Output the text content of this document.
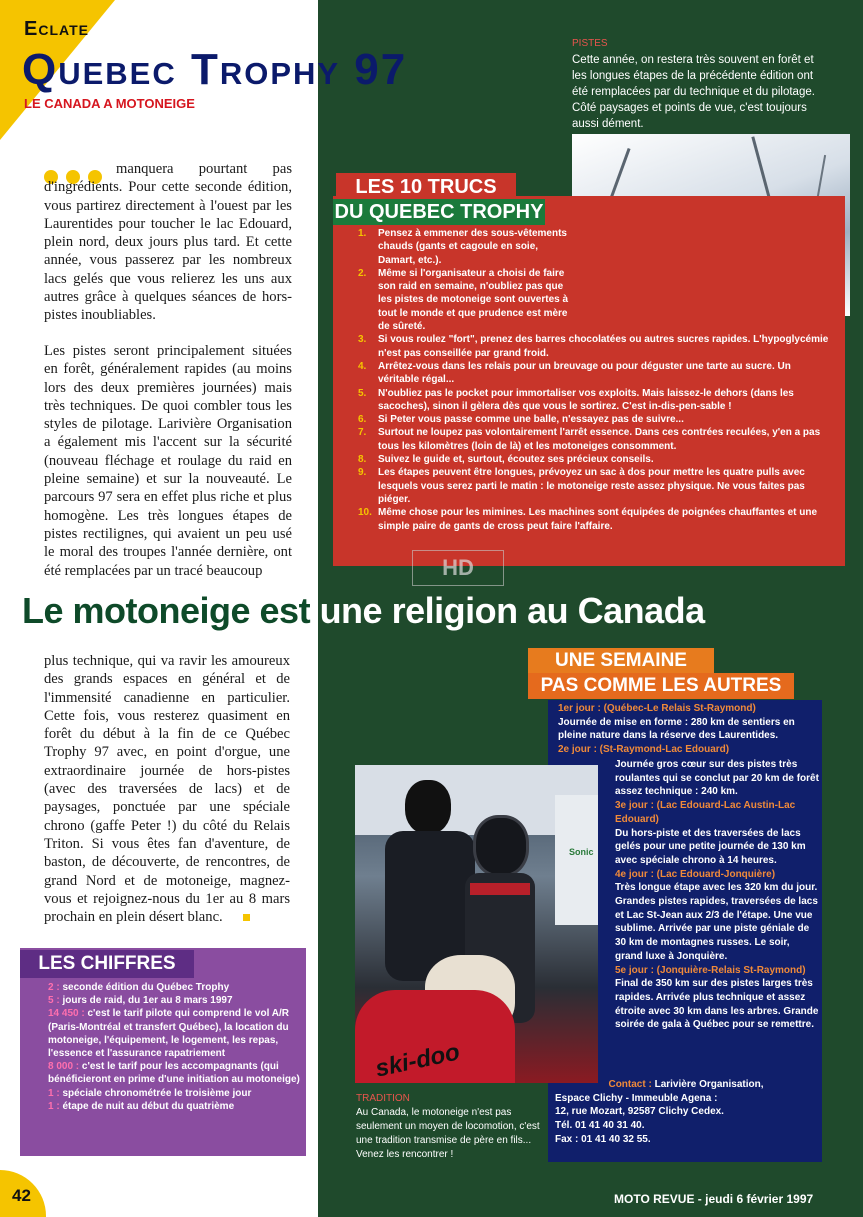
Eclate
Quebec Trophy 97
LE CANADA A MOTONEIGE
manquera pourtant pas d'ingrédients. Pour cette seconde édition, vous partirez directement à l'ouest par les Laurentides pour toucher le lac Edouard, plein nord, deux jours plus tard. Et cette année, vous passerez par les nombreux lacs gelés que vous relierez les uns aux autres grâce à quelques séances de hors-pistes inoubliables.
Les pistes seront principalement situées en forêt, généralement rapides (au moins lors des deux premières journées) mais très techniques. De quoi combler tous les styles de pilotage. Larivière Organisation a également mis l'accent sur la sécurité (nouveau fléchage et roulage du raid en pleine semaine) et sur la nouveauté. Le parcours 97 sera en effet plus riche et plus homogène. Les très longues étapes de pistes rectilignes, qui avaient un peu usé le moral des troupes l'année dernière, ont été remplacées par un tracé beaucoup
PISTES
Cette année, on restera très souvent en forêt et les longues étapes de la précédente édition ont été remplacées par du technique et du pilotage. Côté paysages et points de vue, c'est toujours aussi dément.
LES 10 TRUCS
DU QUEBEC TROPHY
1. Pensez à emmener des sous-vêtements chauds (gants et cagoule en soie, Damart, etc.).
2. Même si l'organisateur a choisi de faire son raid en semaine, n'oubliez pas que les pistes de motoneige sont ouvertes à tout le monde et que prudence est mère de sûreté.
3. Si vous roulez "fort", prenez des barres chocolatées ou autres sucres rapides. L'hypoglycémie n'est pas conseillée par grand froid.
4. Arrêtez-vous dans les relais pour un breuvage ou pour déguster une tarte au sucre. Un véritable régal...
5. N'oubliez pas le pocket pour immortaliser vos exploits. Mais laissez-le dehors (dans les sacoches), sinon il gèlera dès que vous le sortirez. C'est in-dis-pen-sable !
6. Si Peter vous passe comme une balle, n'essayez pas de suivre...
7. Surtout ne loupez pas volontairement l'arrêt essence. Dans ces contrées reculées, y'en a pas tous les kilomètres (loin de là) et les motoneiges consomment.
8. Suivez le guide et, surtout, écoutez ses précieux conseils.
9. Les étapes peuvent être longues, prévoyez un sac à dos pour mettre les quatre pulls avec lesquels vous serez parti le matin : le motoneige reste assez physique. Ne vous faites pas piéger.
10. Même chose pour les mimines. Les machines sont équipées de poignées chauffantes et une simple paire de gants de cross peut faire l'affaire.
HD
Le motoneige est une religion au Canada
plus technique, qui va ravir les amoureux des grands espaces en général et de l'immensité canadienne en particulier. Cette fois, vous resterez quasiment en forêt du début à la fin de ce Québec Trophy 97 avec, en point d'orgue, une extraordinaire journée de hors-pistes (avec des traversées de lacs) et de paysages, ponctuée par une spéciale chrono (gaffe Peter !) du côté du Relais Triton. Si vous êtes fan d'aventure, de baston, de découverte, de rencontres, de grand Nord et de motoneige, magnez-vous et rejoignez-nous du 1er au 8 mars prochain en plein désert blanc.
UNE SEMAINE
PAS COMME LES AUTRES
1er jour : (Québec-Le Relais St-Raymond)
Journée de mise en forme : 280 km de sentiers en pleine nature dans la réserve des Laurentides.
2e jour : (St-Raymond-Lac Edouard)
Journée gros cœur sur des pistes très roulantes qui se conclut par 20 km de forêt assez technique : 240 km.
3e jour : (Lac Edouard-Lac Austin-Lac Edouard)
Du hors-piste et des traversées de lacs gelés pour une petite journée de 130 km avec spéciale chrono à 14 heures.
4e jour : (Lac Edouard-Jonquière)
Très longue étape avec les 320 km du jour. Grandes pistes rapides, traversées de lacs et Lac St-Jean aux 2/3 de l'étape. Une vue sublime. Arrivée par une piste géniale de 30 km de montagnes russes. Le soir, grand luxe à Jonquière.
5e jour : (Jonquière-Relais St-Raymond)
Final de 350 km sur des pistes larges très rapides. Arrivée plus technique et assez étroite avec 30 km dans les arbres. Grande soirée de gala à Québec pour se remettre.
Contact : Larivière Organisation,
Espace Clichy - Immeuble Agena :
12, rue Mozart, 92587 Clichy Cedex.
Tél. 01 41 40 31 40.
Fax : 01 41 40 32 55.
Sonic
ski-doo
TRADITION
Au Canada, le motoneige n'est pas seulement un moyen de locomotion, c'est une tradition transmise de père en fils... Venez les rencontrer !
LES CHIFFRES
2 : seconde édition du Québec Trophy
5 : jours de raid, du 1er au 8 mars 1997
14 450 : c'est le tarif pilote qui comprend le vol A/R (Paris-Montréal et transfert Québec), la location du motoneige, l'équipement, le logement, les repas, l'essence et l'assurance rapatriement
8 000 : c'est le tarif pour les accompagnants (qui bénéficieront en prime d'une initiation au motoneige)
1 : spéciale chronométrée le troisième jour
1 : étape de nuit au début du quatrième
42	MOTO REVUE - jeudi 6 février 1997
